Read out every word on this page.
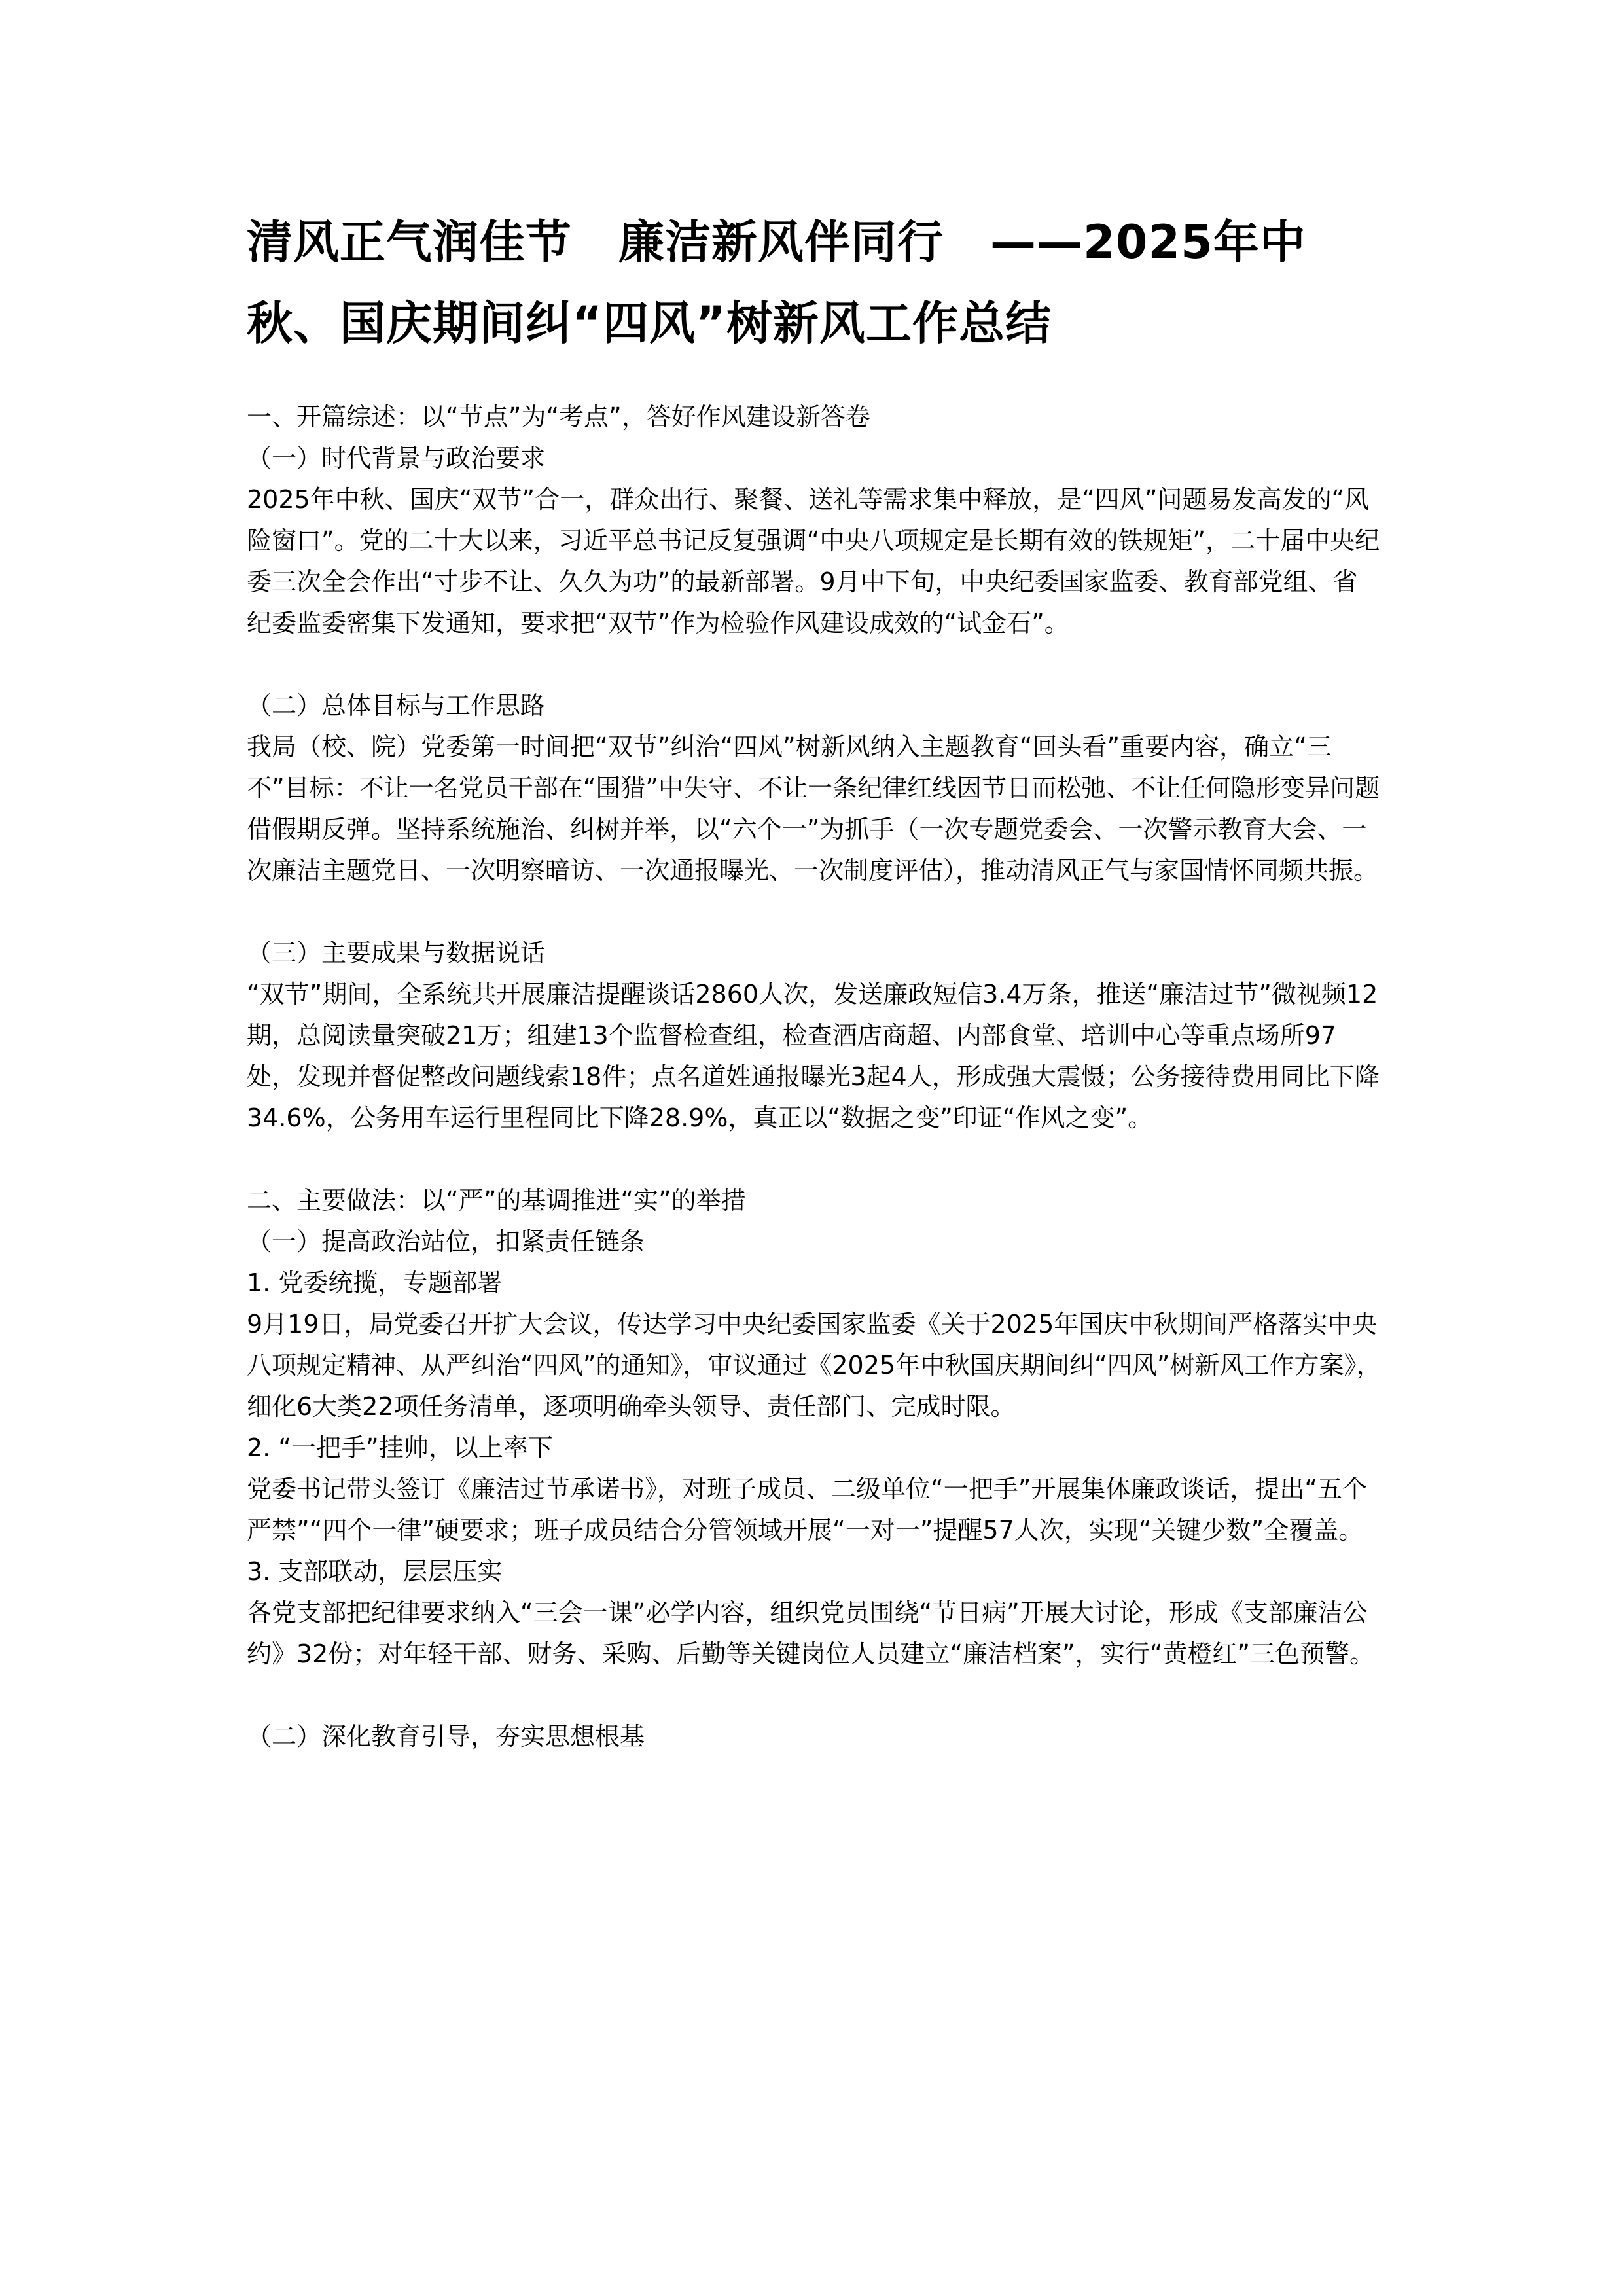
清风正气润佳节　廉洁新风伴同行　——2025年中秋、国庆期间纠“四风”树新风工作总结

一、开篇综述：以“节点”为“考点”，答好作风建设新答卷

（一）时代背景与政治要求

2025年中秋、国庆“双节”合一，群众出行、聚餐、送礼等需求集中释放，是“四风”问题易发高发的“风险窗口”。党的二十大以来，习近平总书记反复强调“中央八项规定是长期有效的铁规矩”，二十届中央纪委三次全会作出“寸步不让、久久为功”的最新部署。9月中下旬，中央纪委国家监委、教育部党组、省纪委监委密集下发通知，要求把“双节”作为检验作风建设成效的“试金石”。

（二）总体目标与工作思路

我局（校、院）党委第一时间把“双节”纠治“四风”树新风纳入主题教育“回头看”重要内容，确立“三不”目标：不让一名党员干部在“围猎”中失守、不让一条纪律红线因节日而松弛、不让任何隐形变异问题借假期反弹。坚持系统施治、纠树并举，以“六个一”为抓手（一次专题党委会、一次警示教育大会、一次廉洁主题党日、一次明察暗访、一次通报曝光、一次制度评估），推动清风正气与家国情怀同频共振。

（三）主要成果与数据说话

“双节”期间，全系统共开展廉洁提醒谈话2860人次，发送廉政短信3.4万条，推送“廉洁过节”微视频12期，总阅读量突破21万；组建13个监督检查组，检查酒店商超、内部食堂、培训中心等重点场所97处，发现并督促整改问题线索18件；点名道姓通报曝光3起4人，形成强大震慑；公务接待费用同比下降34.6%，公务用车运行里程同比下降28.9%，真正以“数据之变”印证“作风之变”。

二、主要做法：以“严”的基调推进“实”的举措

（一）提高政治站位，扣紧责任链条

1. 党委统揽，专题部署

9月19日，局党委召开扩大会议，传达学习中央纪委国家监委《关于2025年国庆中秋期间严格落实中央八项规定精神、从严纠治“四风”的通知》，审议通过《2025年中秋国庆期间纠“四风”树新风工作方案》，细化6大类22项任务清单，逐项明确牵头领导、责任部门、完成时限。

2. “一把手”挂帅，以上率下

党委书记带头签订《廉洁过节承诺书》，对班子成员、二级单位“一把手”开展集体廉政谈话，提出“五个严禁”“四个一律”硬要求；班子成员结合分管领域开展“一对一”提醒57人次，实现“关键少数”全覆盖。

3. 支部联动，层层压实

各党支部把纪律要求纳入“三会一课”必学内容，组织党员围绕“节日病”开展大讨论，形成《支部廉洁公约》32份；对年轻干部、财务、采购、后勤等关键岗位人员建立“廉洁档案”，实行“黄橙红”三色预警。

（二）深化教育引导，夯实思想根基
